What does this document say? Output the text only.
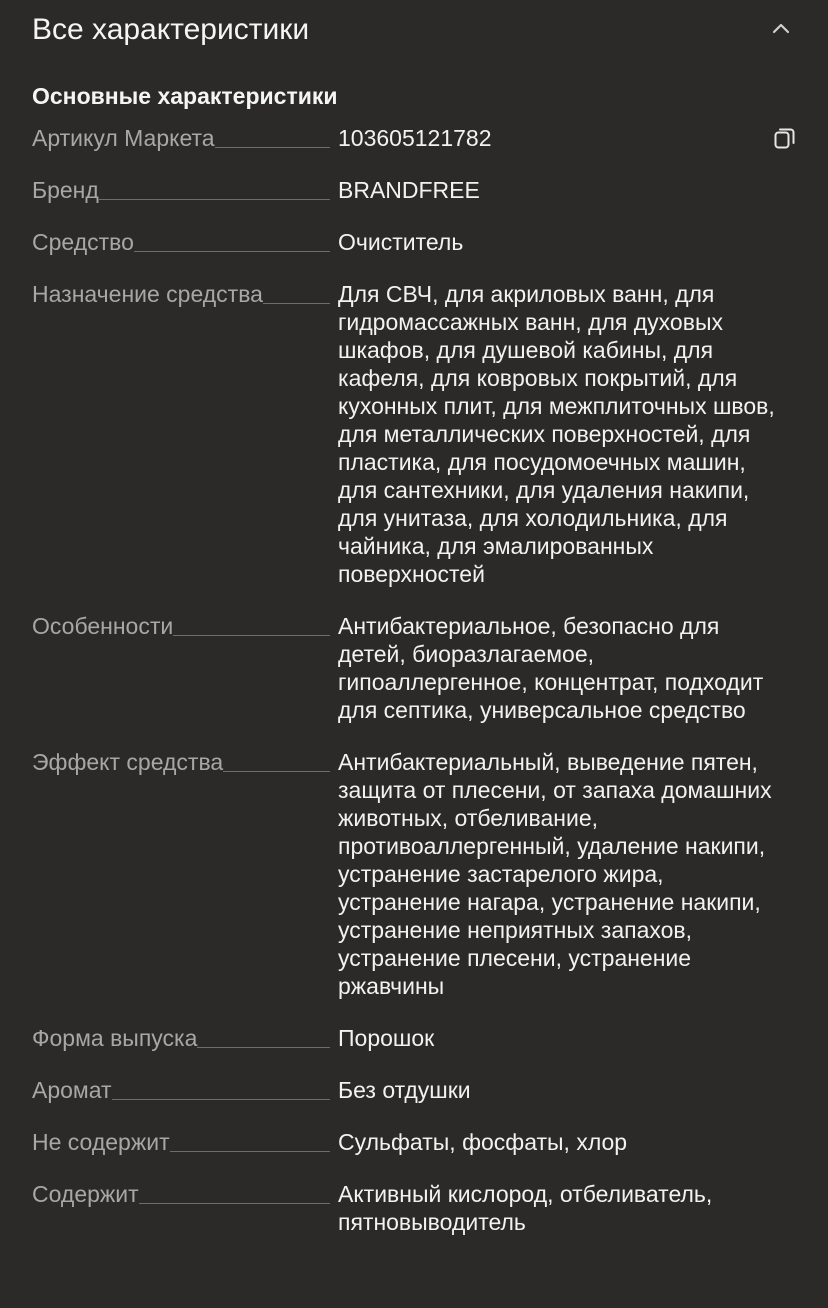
Все характеристики
Основные характеристики
Артикул Маркета	103605121782
Бренд	BRANDFREE
Средство	Очиститель
Назначение средства	Для СВЧ, для акриловых ванн, для гидромассажных ванн, для духовых шкафов, для душевой кабины, для кафеля, для ковровых покрытий, для кухонных плит, для межплиточных швов, для металлических поверхностей, для пластика, для посудомоечных машин, для сантехники, для удаления накипи, для унитаза, для холодильника, для чайника, для эмалированных поверхностей
Особенности	Антибактериальное, безопасно для детей, биоразлагаемое, гипоаллергенное, концентрат, подходит для септика, универсальное средство
Эффект средства	Антибактериальный, выведение пятен, защита от плесени, от запаха домашних животных, отбеливание, противоаллергенный, удаление накипи, устранение застарелого жира, устранение нагара, устранение накипи, устранение неприятных запахов, устранение плесени, устранение ржавчины
Форма выпуска	Порошок
Аромат	Без отдушки
Не содержит	Сульфаты, фосфаты, хлор
Содержит	Активный кислород, отбеливатель, пятновыводитель
